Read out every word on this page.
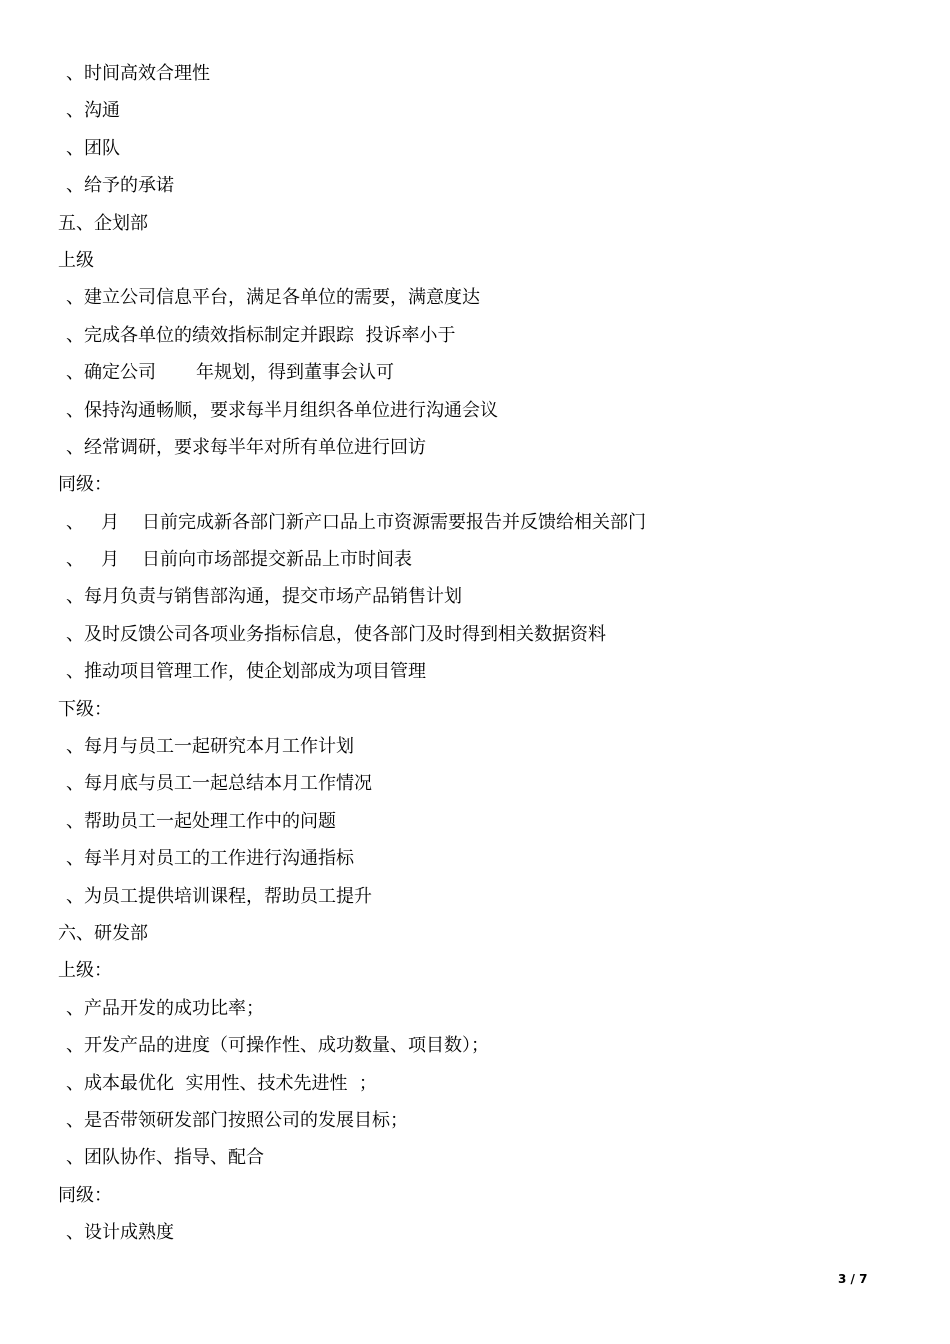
、时间高效合理性
、沟通
、团队
、给予的承诺
五、企划部
上级
、建立公司信息平台，满足各单位的需要，满意度达
、完成各单位的绩效指标制定并跟踪  投诉率小于
、确定公司       年规划，得到董事会认可
、保持沟通畅顺，要求每半月组织各单位进行沟通会议
、经常调研，要求每半年对所有单位进行回访
同级：
、   月    日前完成新各部门新产口品上市资源需要报告并反馈给相关部门
、   月    日前向市场部提交新品上市时间表
、每月负责与销售部沟通，提交市场产品销售计划
、及时反馈公司各项业务指标信息，使各部门及时得到相关数据资料
、推动项目管理工作，使企划部成为项目管理
下级：
、每月与员工一起研究本月工作计划
、每月底与员工一起总结本月工作情况
、帮助员工一起处理工作中的问题
、每半月对员工的工作进行沟通指标
、为员工提供培训课程，帮助员工提升
六、研发部
上级：
、产品开发的成功比率；
、开发产品的进度（可操作性、成功数量、项目数）；
、成本最优化  实用性、技术先进性  ；
、是否带领研发部门按照公司的发展目标；
、团队协作、指导、配合
同级：
、设计成熟度
3 / 7
